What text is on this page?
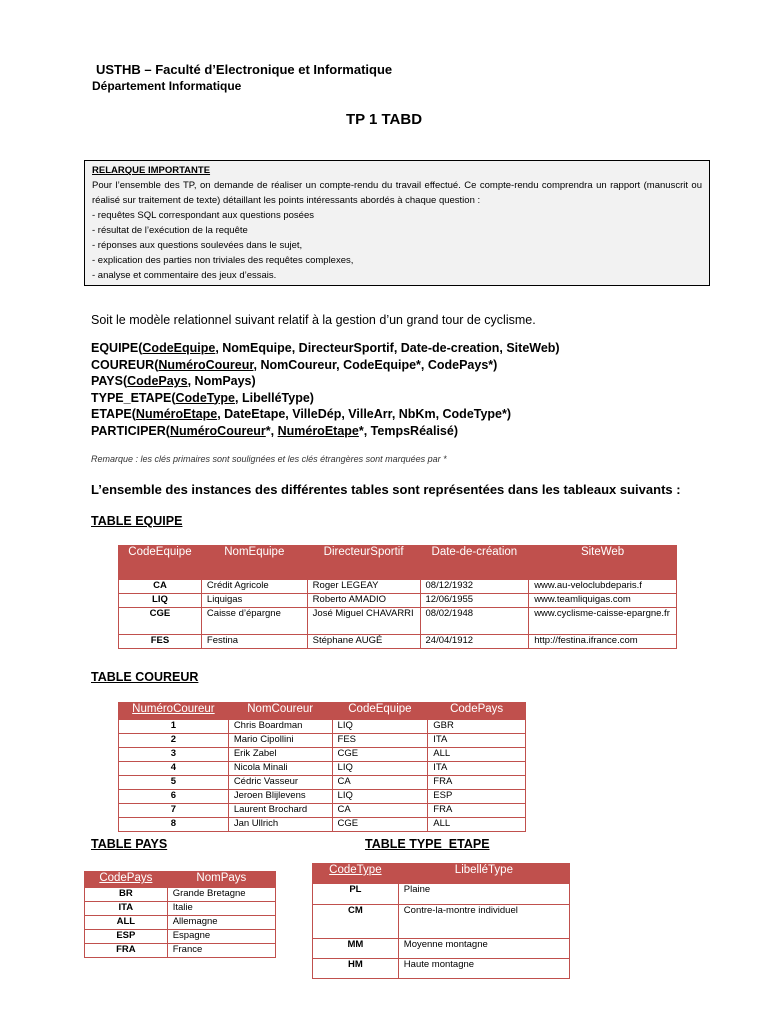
USTHB – Faculté d’Electronique et Informatique
Département Informatique
TP 1 TABD
RELARQUE IMPORTANTE
Pour l’ensemble des TP, on demande de réaliser un compte-rendu du travail effectué. Ce compte-rendu comprendra un rapport (manuscrit ou réalisé sur traitement de texte) détaillant les points intéressants abordés à chaque question :
- requêtes SQL correspondant aux questions posées
- résultat de l’exécution de la requête
- réponses aux questions soulevées dans le sujet,
- explication des parties non triviales des requêtes complexes,
- analyse et commentaire des jeux d’essais.
Soit le modèle relationnel suivant relatif à la gestion d’un grand tour de cyclisme.
EQUIPE(CodeEquipe, NomEquipe, DirecteurSportif, Date-de-creation, SiteWeb)
COUREUR(NuméroCoureur, NomCoureur, CodeEquipe*, CodePays*)
PAYS(CodePays, NomPays)
TYPE_ETAPE(CodeType, LibelléType)
ETAPE(NuméroEtape, DateEtape, VilleDép, VilleArr, NbKm, CodeType*)
PARTICIPER(NuméroCoureur*, NuméroEtape*, TempsRéalisé)
Remarque : les clés primaires sont soulignées et les clés étrangères sont marquées par *
L’ensemble des instances des différentes tables sont représentées dans les tableaux suivants :
TABLE EQUIPE
CodeEquipe	NomEquipe	DirecteurSportif	Date-de-création	SiteWeb
CA	Crédit Agricole	Roger LEGEAY	08/12/1932	www.au-veloclubdeparis.f
LIQ	Liquigas	Roberto AMADIO	12/06/1955	www.teamliquigas.com
CGE	Caisse d’épargne	José Miguel CHAVARRI	08/02/1948	www.cyclisme-caisse-epargne.fr
FES	Festina	Stéphane AUGÉ	24/04/1912	http://festina.ifrance.com
TABLE COUREUR
NuméroCoureur	NomCoureur	CodeEquipe	CodePays
1	Chris Boardman	LIQ	GBR
2	Mario Cipollini	FES	ITA
3	Erik Zabel	CGE	ALL
4	Nicola Minali	LIQ	ITA
5	Cédric Vasseur	CA	FRA
6	Jeroen Blijlevens	LIQ	ESP
7	Laurent Brochard	CA	FRA
8	Jan Ullrich	CGE	ALL
TABLE PAYS
CodePays	NomPays
BR	Grande Bretagne
ITA	Italie
ALL	Allemagne
ESP	Espagne
FRA	France
TABLE TYPE_ETAPE
CodeType	LibelléType
PL	Plaine
CM	Contre-la-montre individuel
MM	Moyenne montagne
HM	Haute montagne
